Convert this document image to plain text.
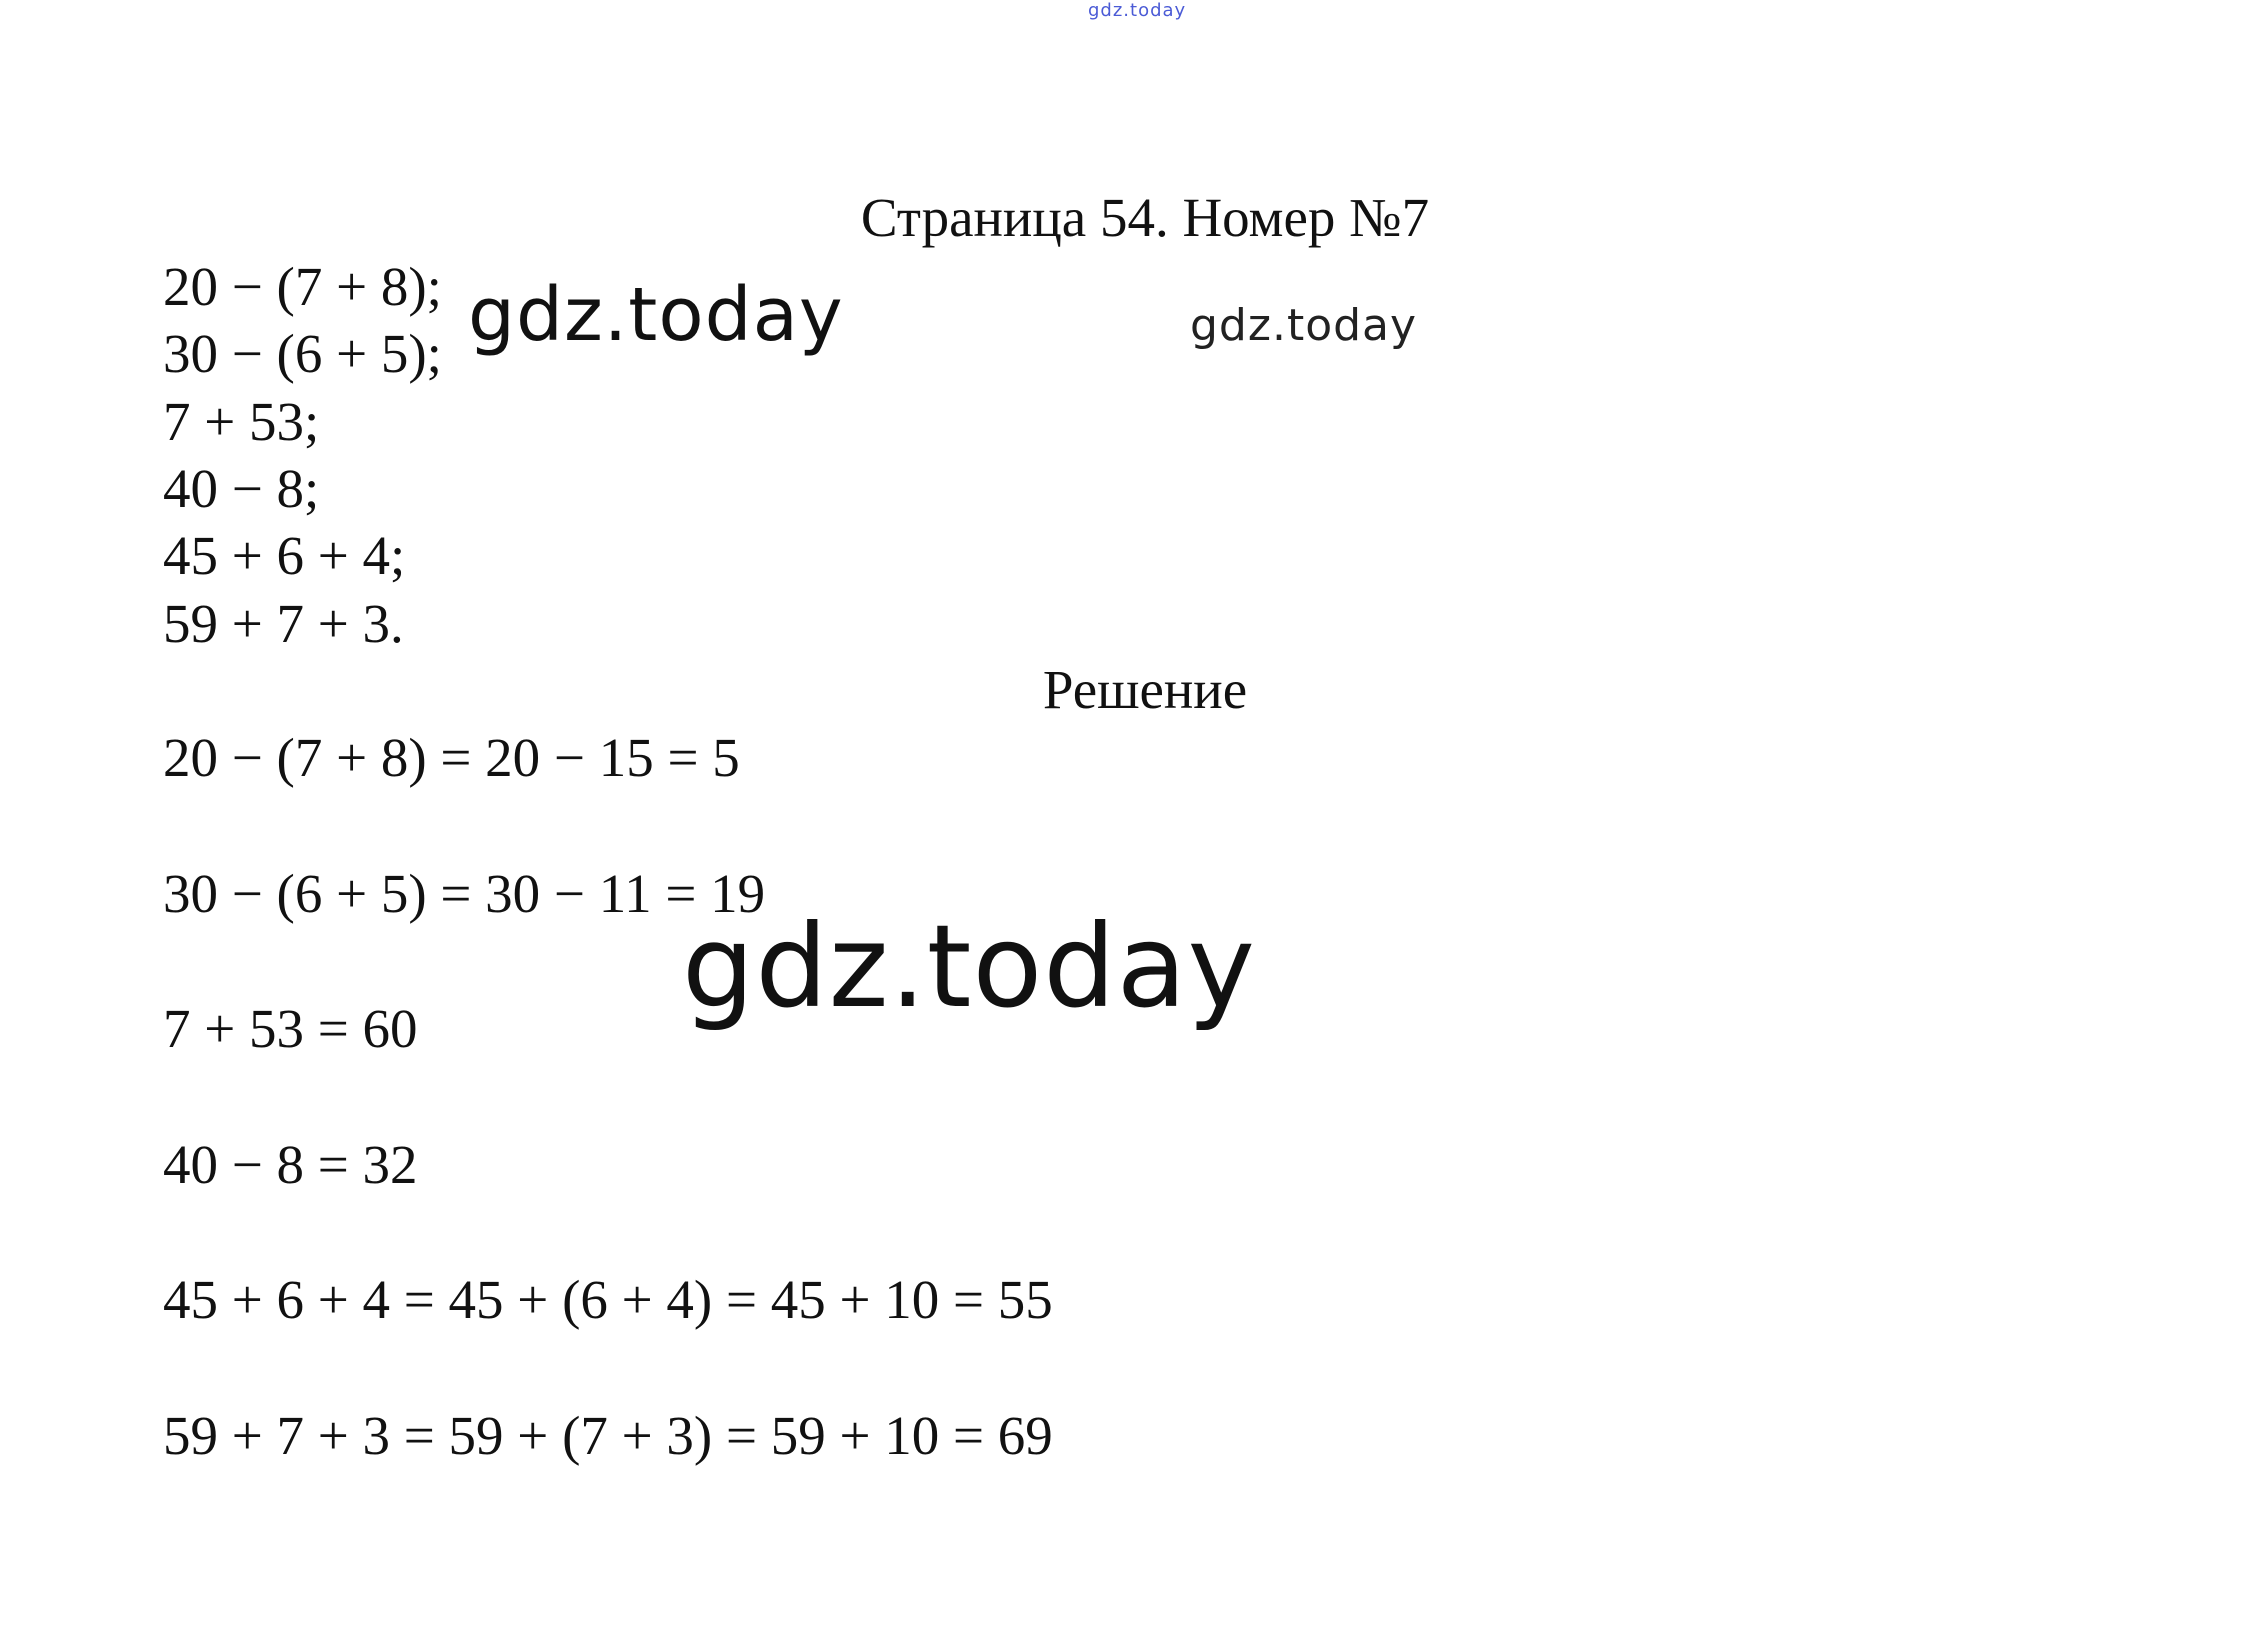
gdz.today
Страница 54. Номер №7
20 − (7 + 8);
30 − (6 + 5);
7 + 53;
40 − 8;
45 + 6 + 4;
59 + 7 + 3.
Решение
20 − (7 + 8) = 20 − 15 = 5
30 − (6 + 5) = 30 − 11 = 19
7 + 53 = 60
40 − 8 = 32
45 + 6 + 4 = 45 + (6 + 4) = 45 + 10 = 55
59 + 7 + 3 = 59 + (7 + 3) = 59 + 10 = 69
gdz.today	gdz.today
gdz.today
